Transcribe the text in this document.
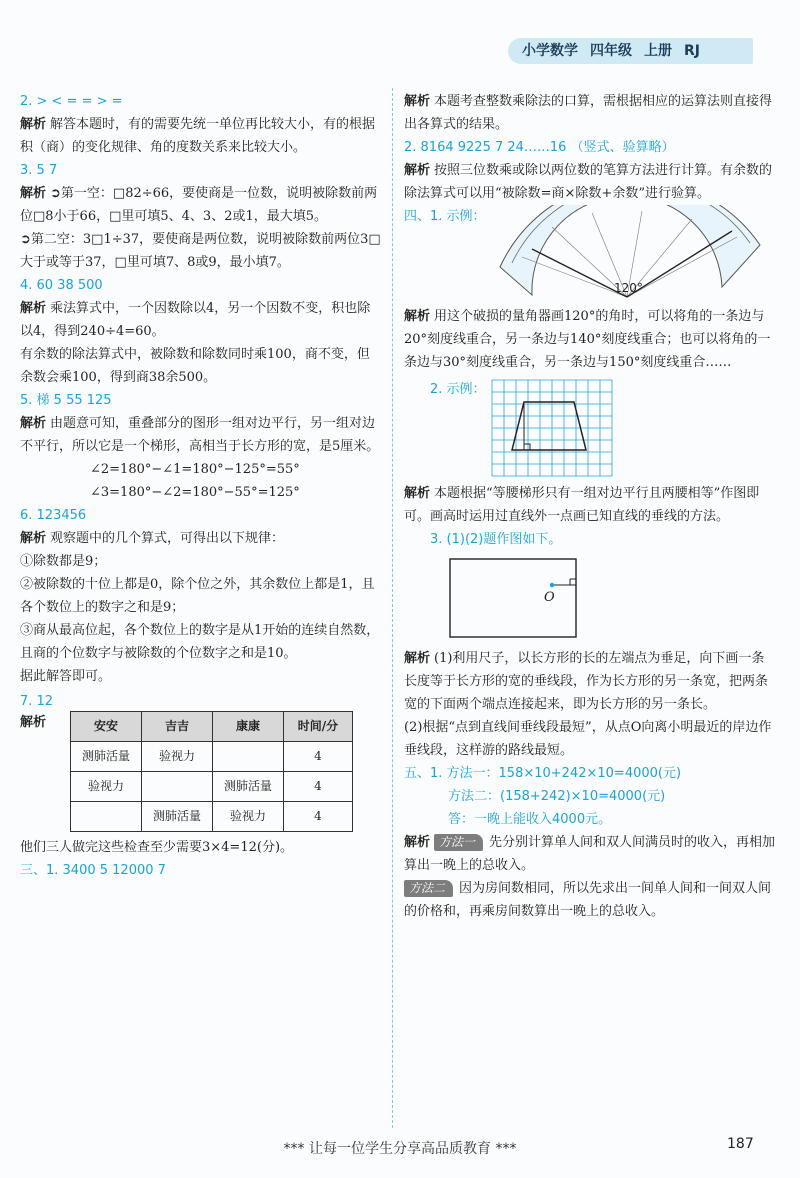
小学数学 四年级 上册 RJ

2. > < = = > =

解析 解答本题时，有的需要先统一单位再比较大小，有的根据积（商）的变化规律、角的度数关系来比较大小。

3. 5 7

解析 ➲第一空：□82÷66，要使商是一位数，说明被除数前两位□8小于66，□里可填5、4、3、2或1，最大填5。

➲第二空：3□1÷37，要使商是两位数，说明被除数前两位3□大于或等于37，□里可填7、8或9，最小填7。

4. 60 38 500

解析 乘法算式中，一个因数除以4，另一个因数不变，积也除以4，得到240÷4=60。

有余数的除法算式中，被除数和除数同时乘100，商不变，但余数会乘100，得到商38余500。

5. 梯 5 55 125

解析 由题意可知，重叠部分的图形一组对边平行，另一组对边不平行，所以它是一个梯形，高相当于长方形的宽，是5厘米。

∠2=180°−∠1=180°−125°=55°

∠3=180°−∠2=180°−55°=125°

6. 123456

解析 观察题中的几个算式，可得出以下规律：

①除数都是9；

②被除数的十位上都是0，除个位之外，其余数位上都是1，且各个数位上的数字之和是9；

③商从最高位起，各个数位上的数字是从1开始的连续自然数，且商的个位数字与被除数的个位数字之和是10。

据此解答即可。

7. 12

解析	安安	吉吉	康康	时间/分
测肺活量	验视力		4
验视力		测肺活量	4
	测肺活量	验视力	4

他们三人做完这些检查至少需要3×4=12(分)。

三、1. 3400 5 12000 7

解析 本题考查整数乘除法的口算，需根据相应的运算法则直接得出各算式的结果。

2. 8164 9225 7 24……16 （竖式、验算略）

解析 按照三位数乘或除以两位数的笔算方法进行计算。有余数的除法算式可以用“被除数=商×除数+余数”进行验算。

四、1. 示例：
120°

解析 用这个破损的量角器画120°的角时，可以将角的一条边与20°刻度线重合，另一条边与140°刻度线重合；也可以将角的一条边与30°刻度线重合，另一条边与150°刻度线重合……

2. 示例：

解析 本题根据“等腰梯形只有一组对边平行且两腰相等”作图即可。画高时运用过直线外一点画已知直线的垂线的方法。

3. (1)(2)题作图如下。

O

解析 (1)利用尺子，以长方形的长的左端点为垂足，向下画一条长度等于长方形的宽的垂线段，作为长方形的另一条宽，把两条宽的下面两个端点连接起来，即为长方形的另一条长。

(2)根据“点到直线间垂线段最短”，从点O向离小明最近的岸边作垂线段，这样游的路线最短。

五、1. 方法一：158×10+242×10=4000(元)

方法二：(158+242)×10=4000(元)

答：一晚上能收入4000元。

解析 方法一 先分别计算单人间和双人间满员时的收入，再相加算出一晚上的总收入。

方法二 因为房间数相同，所以先求出一间单人间和一间双人间的价格和，再乘房间数算出一晚上的总收入。

*** 让每一位学生分享高品质教育 ***	187
